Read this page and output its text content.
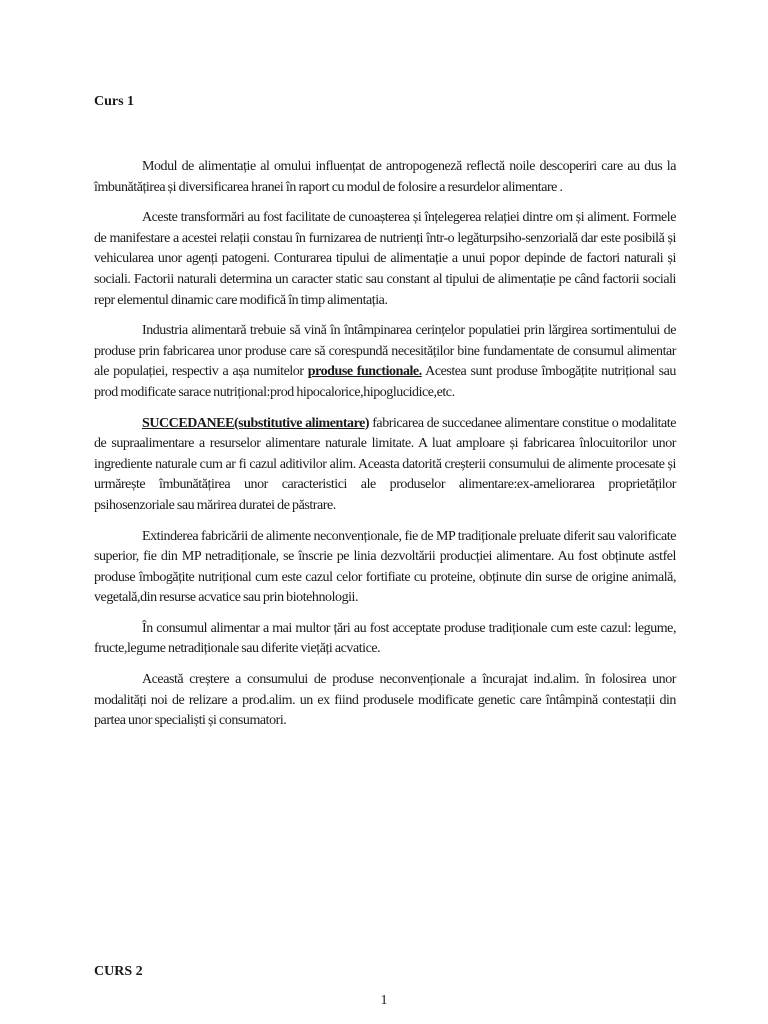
Curs 1

Modul de alimentație al omului influențat de antropogeneză reflectă noile descoperiri care au dus la îmbunătățirea și diversificarea hranei în raport cu modul de folosire a resurdelor alimentare .

Aceste transformări au fost facilitate de cunoașterea și înțelegerea relației dintre om și aliment. Formele de manifestare a acestei relații constau în furnizarea de nutrienți într-o legăturpsiho-senzorială dar este posibilă și vehicularea unor agenți patogeni. Conturarea tipului de alimentație a unui popor depinde de factori naturali și sociali. Factorii naturali determina un caracter static sau constant al tipului de alimentație pe când factorii sociali repr elementul dinamic care modifică în timp alimentația.

Industria alimentară trebuie să vină în întâmpinarea cerințelor populatiei prin lărgirea sortimentului de produse prin fabricarea unor produse care să corespundă necesităților bine fundamentate de consumul alimentar ale populației, respectiv a așa numitelor produse functionale. Acestea sunt produse îmbogățite nutrițional sau prod modificate saracе nutrițional:prod hipocalorice,hipoglucidice,etc.

SUCCEDANEE(substitutive alimentare) fabricarea de succedanee alimentare constitue o modalitate de supraalimentare a resurselor alimentare naturale limitate. A luat amploare și fabricarea înlocuitorilor unor ingrediente naturale cum ar fi cazul aditivilor alim. Aceasta datorită creșterii consumului de alimente procesate și urmărește îmbunătățirea unor caracteristici ale produselor alimentare:ex-ameliorarea proprietăților psihosenzoriale sau mărirea duratei de păstrare.

Extinderea fabricării de alimente neconvenționale, fie de MP tradiționale preluate diferit sau valorificate superior, fie din MP netradiționale, se înscrie pe linia dezvoltării producției alimentare. Au fost obținute astfel produse îmbogățite nutrițional cum este cazul celor fortifiate cu proteine, obținute din surse de origine animală, vegetală,din resurse acvatice sau prin biotehnologii.

În consumul alimentar a mai multor țări au fost acceptate produse tradiționale cum este cazul: legume, fructe,legume netradiționale sau diferite viețăți acvatice.

Această creștere a consumului de produse neconvenționale a încurajat ind.alim. în folosirea unor modalități noi de relizare a prod.alim. un ex fiind produsele modificate genetic care întâmpină contestații din partea unor specialiști și consumatori.

CURS 2
1
